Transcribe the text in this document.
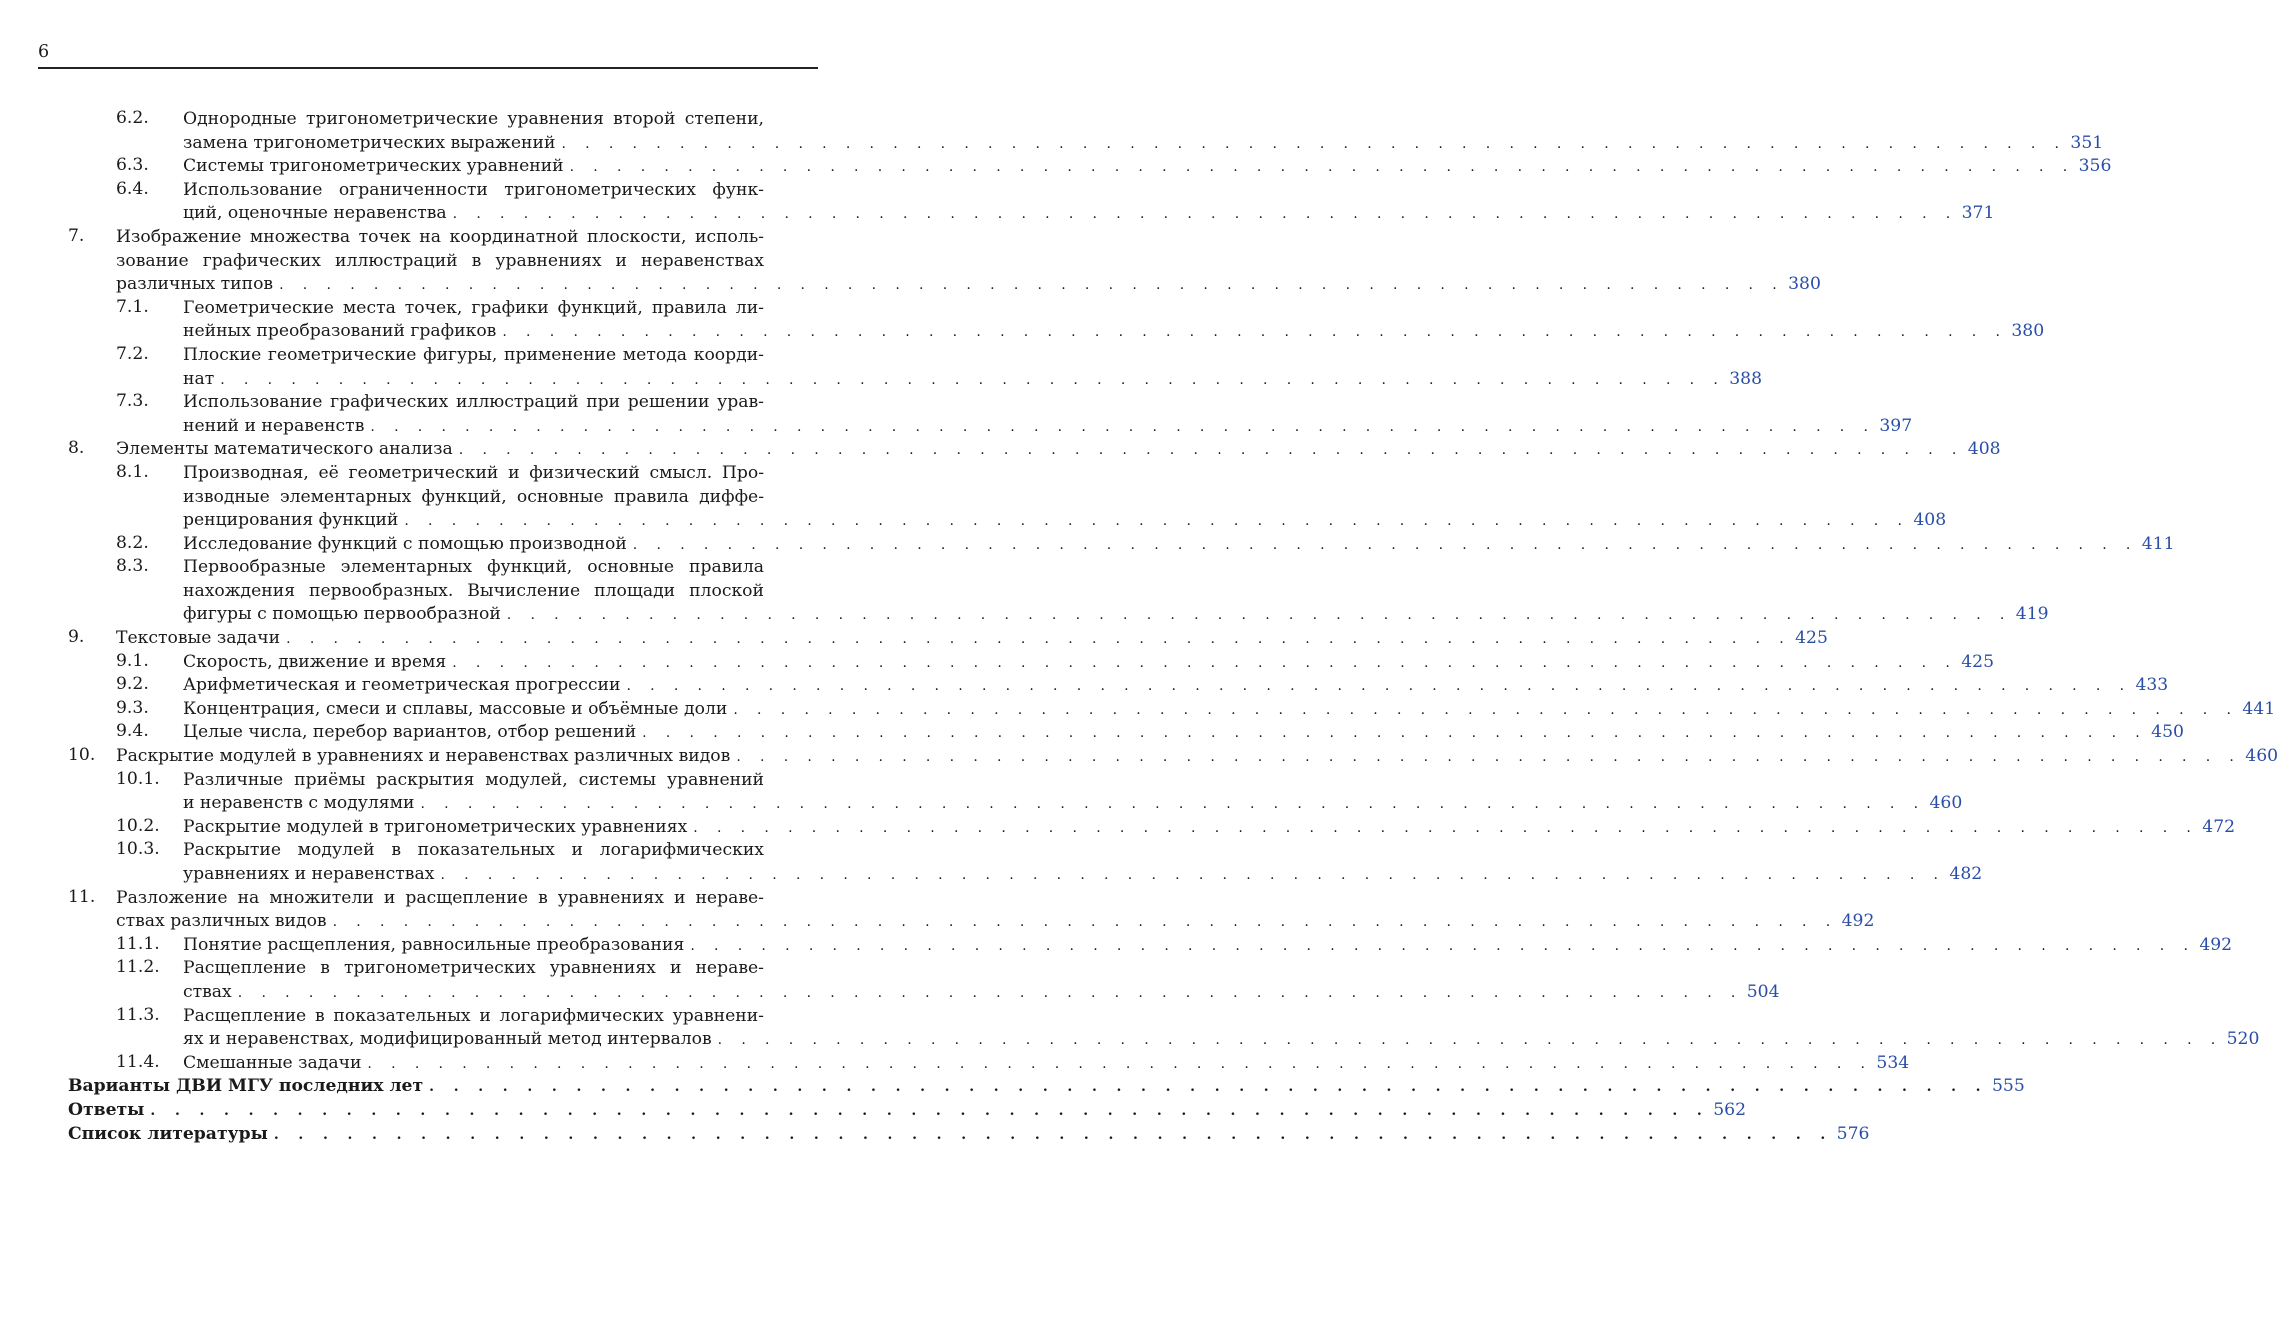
6
6.2. Однородные тригонометрические уравнения второй степени,
замена тригонометрических выражений . . . . . . . . . . . . . . . . . . . . . . . . . . . . . . . . . . . . . . . . . . . . . . . . . . . . . . . . . . . . . . . . 351
6.3. Системы тригонометрических уравнений . . . . . . . . . . . . . . . . . . . . . . . . . . . . . . . . . . . . . . . . . . . . . . . . . . . . . . . . . . . . . . . . 356
6.4. Использование ограниченности тригонометрических функ-
ций, оценочные неравенства . . . . . . . . . . . . . . . . . . . . . . . . . . . . . . . . . . . . . . . . . . . . . . . . . . . . . . . . . . . . . . . . 371
7. Изображение множества точек на координатной плоскости, исполь-
зование графических иллюстраций в уравнениях и неравенствах
различных типов . . . . . . . . . . . . . . . . . . . . . . . . . . . . . . . . . . . . . . . . . . . . . . . . . . . . . . . . . . . . . . . . 380
7.1. Геометрические места точек, графики функций, правила ли-
нейных преобразований графиков . . . . . . . . . . . . . . . . . . . . . . . . . . . . . . . . . . . . . . . . . . . . . . . . . . . . . . . . . . . . . . . . 380
7.2. Плоские геометрические фигуры, применение метода коорди-
нат . . . . . . . . . . . . . . . . . . . . . . . . . . . . . . . . . . . . . . . . . . . . . . . . . . . . . . . . . . . . . . . . 388
7.3. Использование графических иллюстраций при решении урав-
нений и неравенств . . . . . . . . . . . . . . . . . . . . . . . . . . . . . . . . . . . . . . . . . . . . . . . . . . . . . . . . . . . . . . . . 397
8. Элементы математического анализа . . . . . . . . . . . . . . . . . . . . . . . . . . . . . . . . . . . . . . . . . . . . . . . . . . . . . . . . . . . . . . . . 408
8.1. Производная, её геометрический и физический смысл. Про-
изводные элементарных функций, основные правила диффе-
ренцирования функций . . . . . . . . . . . . . . . . . . . . . . . . . . . . . . . . . . . . . . . . . . . . . . . . . . . . . . . . . . . . . . . . 408
8.2. Исследование функций с помощью производной . . . . . . . . . . . . . . . . . . . . . . . . . . . . . . . . . . . . . . . . . . . . . . . . . . . . . . . . . . . . . . . . 411
8.3. Первообразные элементарных функций, основные правила
нахождения первообразных. Вычисление площади плоской
фигуры с помощью первообразной . . . . . . . . . . . . . . . . . . . . . . . . . . . . . . . . . . . . . . . . . . . . . . . . . . . . . . . . . . . . . . . . 419
9. Текстовые задачи . . . . . . . . . . . . . . . . . . . . . . . . . . . . . . . . . . . . . . . . . . . . . . . . . . . . . . . . . . . . . . . . 425
9.1. Скорость, движение и время . . . . . . . . . . . . . . . . . . . . . . . . . . . . . . . . . . . . . . . . . . . . . . . . . . . . . . . . . . . . . . . . 425
9.2. Арифметическая и геометрическая прогрессии . . . . . . . . . . . . . . . . . . . . . . . . . . . . . . . . . . . . . . . . . . . . . . . . . . . . . . . . . . . . . . . . 433
9.3. Концентрация, смеси и сплавы, массовые и объёмные доли . . . . . . . . . . . . . . . . . . . . . . . . . . . . . . . . . . . . . . . . . . . . . . . . . . . . . . . . . . . . . . . . 441
9.4. Целые числа, перебор вариантов, отбор решений . . . . . . . . . . . . . . . . . . . . . . . . . . . . . . . . . . . . . . . . . . . . . . . . . . . . . . . . . . . . . . . . 450
10. Раскрытие модулей в уравнениях и неравенствах различных видов . . . . . . . . . . . . . . . . . . . . . . . . . . . . . . . . . . . . . . . . . . . . . . . . . . . . . . . . . . . . . . . . 460
10.1. Различные приёмы раскрытия модулей, системы уравнений
и неравенств с модулями . . . . . . . . . . . . . . . . . . . . . . . . . . . . . . . . . . . . . . . . . . . . . . . . . . . . . . . . . . . . . . . . 460
10.2. Раскрытие модулей в тригонометрических уравнениях . . . . . . . . . . . . . . . . . . . . . . . . . . . . . . . . . . . . . . . . . . . . . . . . . . . . . . . . . . . . . . . . 472
10.3. Раскрытие модулей в показательных и логарифмических
уравнениях и неравенствах . . . . . . . . . . . . . . . . . . . . . . . . . . . . . . . . . . . . . . . . . . . . . . . . . . . . . . . . . . . . . . . . 482
11. Разложение на множители и расщепление в уравнениях и нераве-
ствах различных видов . . . . . . . . . . . . . . . . . . . . . . . . . . . . . . . . . . . . . . . . . . . . . . . . . . . . . . . . . . . . . . . . 492
11.1. Понятие расщепления, равносильные преобразования . . . . . . . . . . . . . . . . . . . . . . . . . . . . . . . . . . . . . . . . . . . . . . . . . . . . . . . . . . . . . . . . 492
11.2. Расщепление в тригонометрических уравнениях и нераве-
ствах . . . . . . . . . . . . . . . . . . . . . . . . . . . . . . . . . . . . . . . . . . . . . . . . . . . . . . . . . . . . . . . . 504
11.3. Расщепление в показательных и логарифмических уравнени-
ях и неравенствах, модифицированный метод интервалов . . . . . . . . . . . . . . . . . . . . . . . . . . . . . . . . . . . . . . . . . . . . . . . . . . . . . . . . . . . . . . . . 520
11.4. Смешанные задачи . . . . . . . . . . . . . . . . . . . . . . . . . . . . . . . . . . . . . . . . . . . . . . . . . . . . . . . . . . . . . . . . 534
Варианты ДВИ МГУ последних лет . . . . . . . . . . . . . . . . . . . . . . . . . . . . . . . . . . . . . . . . . . . . . . . . . . . . . . . . . . . . . . . . 555
Ответы . . . . . . . . . . . . . . . . . . . . . . . . . . . . . . . . . . . . . . . . . . . . . . . . . . . . . . . . . . . . . . . . 562
Список литературы . . . . . . . . . . . . . . . . . . . . . . . . . . . . . . . . . . . . . . . . . . . . . . . . . . . . . . . . . . . . . . . . 576
